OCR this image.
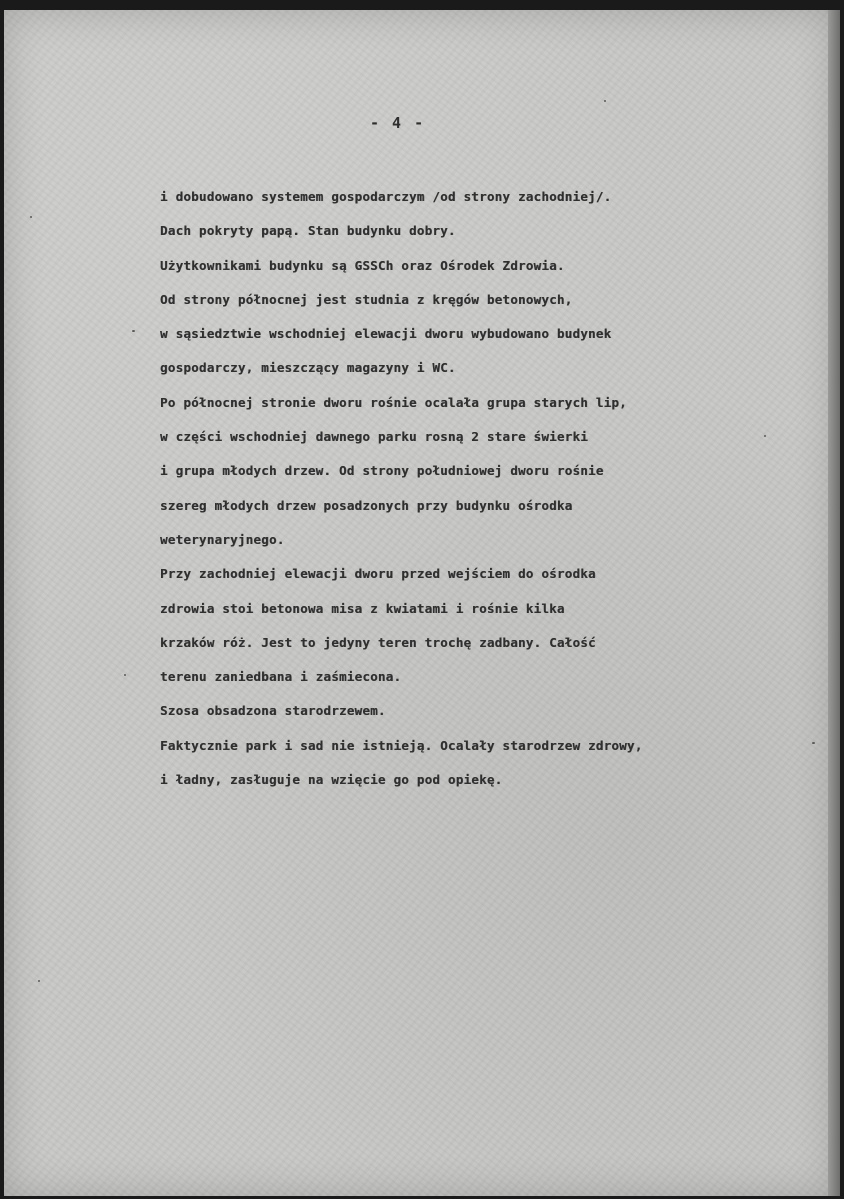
- 4 -
i dobudowano systemem gospodarczym /od strony zachodniej/.
Dach pokryty papą. Stan budynku dobry.
Użytkownikami budynku są GSSCh oraz Ośrodek Zdrowia.
Od strony północnej jest studnia z kręgów betonowych,
w sąsiedztwie wschodniej elewacji dworu wybudowano budynek
gospodarczy, mieszczący magazyny i WC.
Po północnej stronie dworu rośnie ocalała grupa starych lip,
w części wschodniej dawnego parku rosną 2 stare świerki
i grupa młodych drzew. Od strony południowej dworu rośnie
szereg młodych drzew posadzonych przy budynku ośrodka
weterynaryjnego.
Przy zachodniej elewacji dworu przed wejściem do ośrodka
zdrowia stoi betonowa misa z kwiatami i rośnie kilka
krzaków róż. Jest to jedyny teren trochę zadbany. Całość
terenu zaniedbana i zaśmiecona.
Szosa obsadzona starodrzewem.
Faktycznie park i sad nie istnieją. Ocalały starodrzew zdrowy,
i ładny, zasługuje na wzięcie go pod opiekę.
